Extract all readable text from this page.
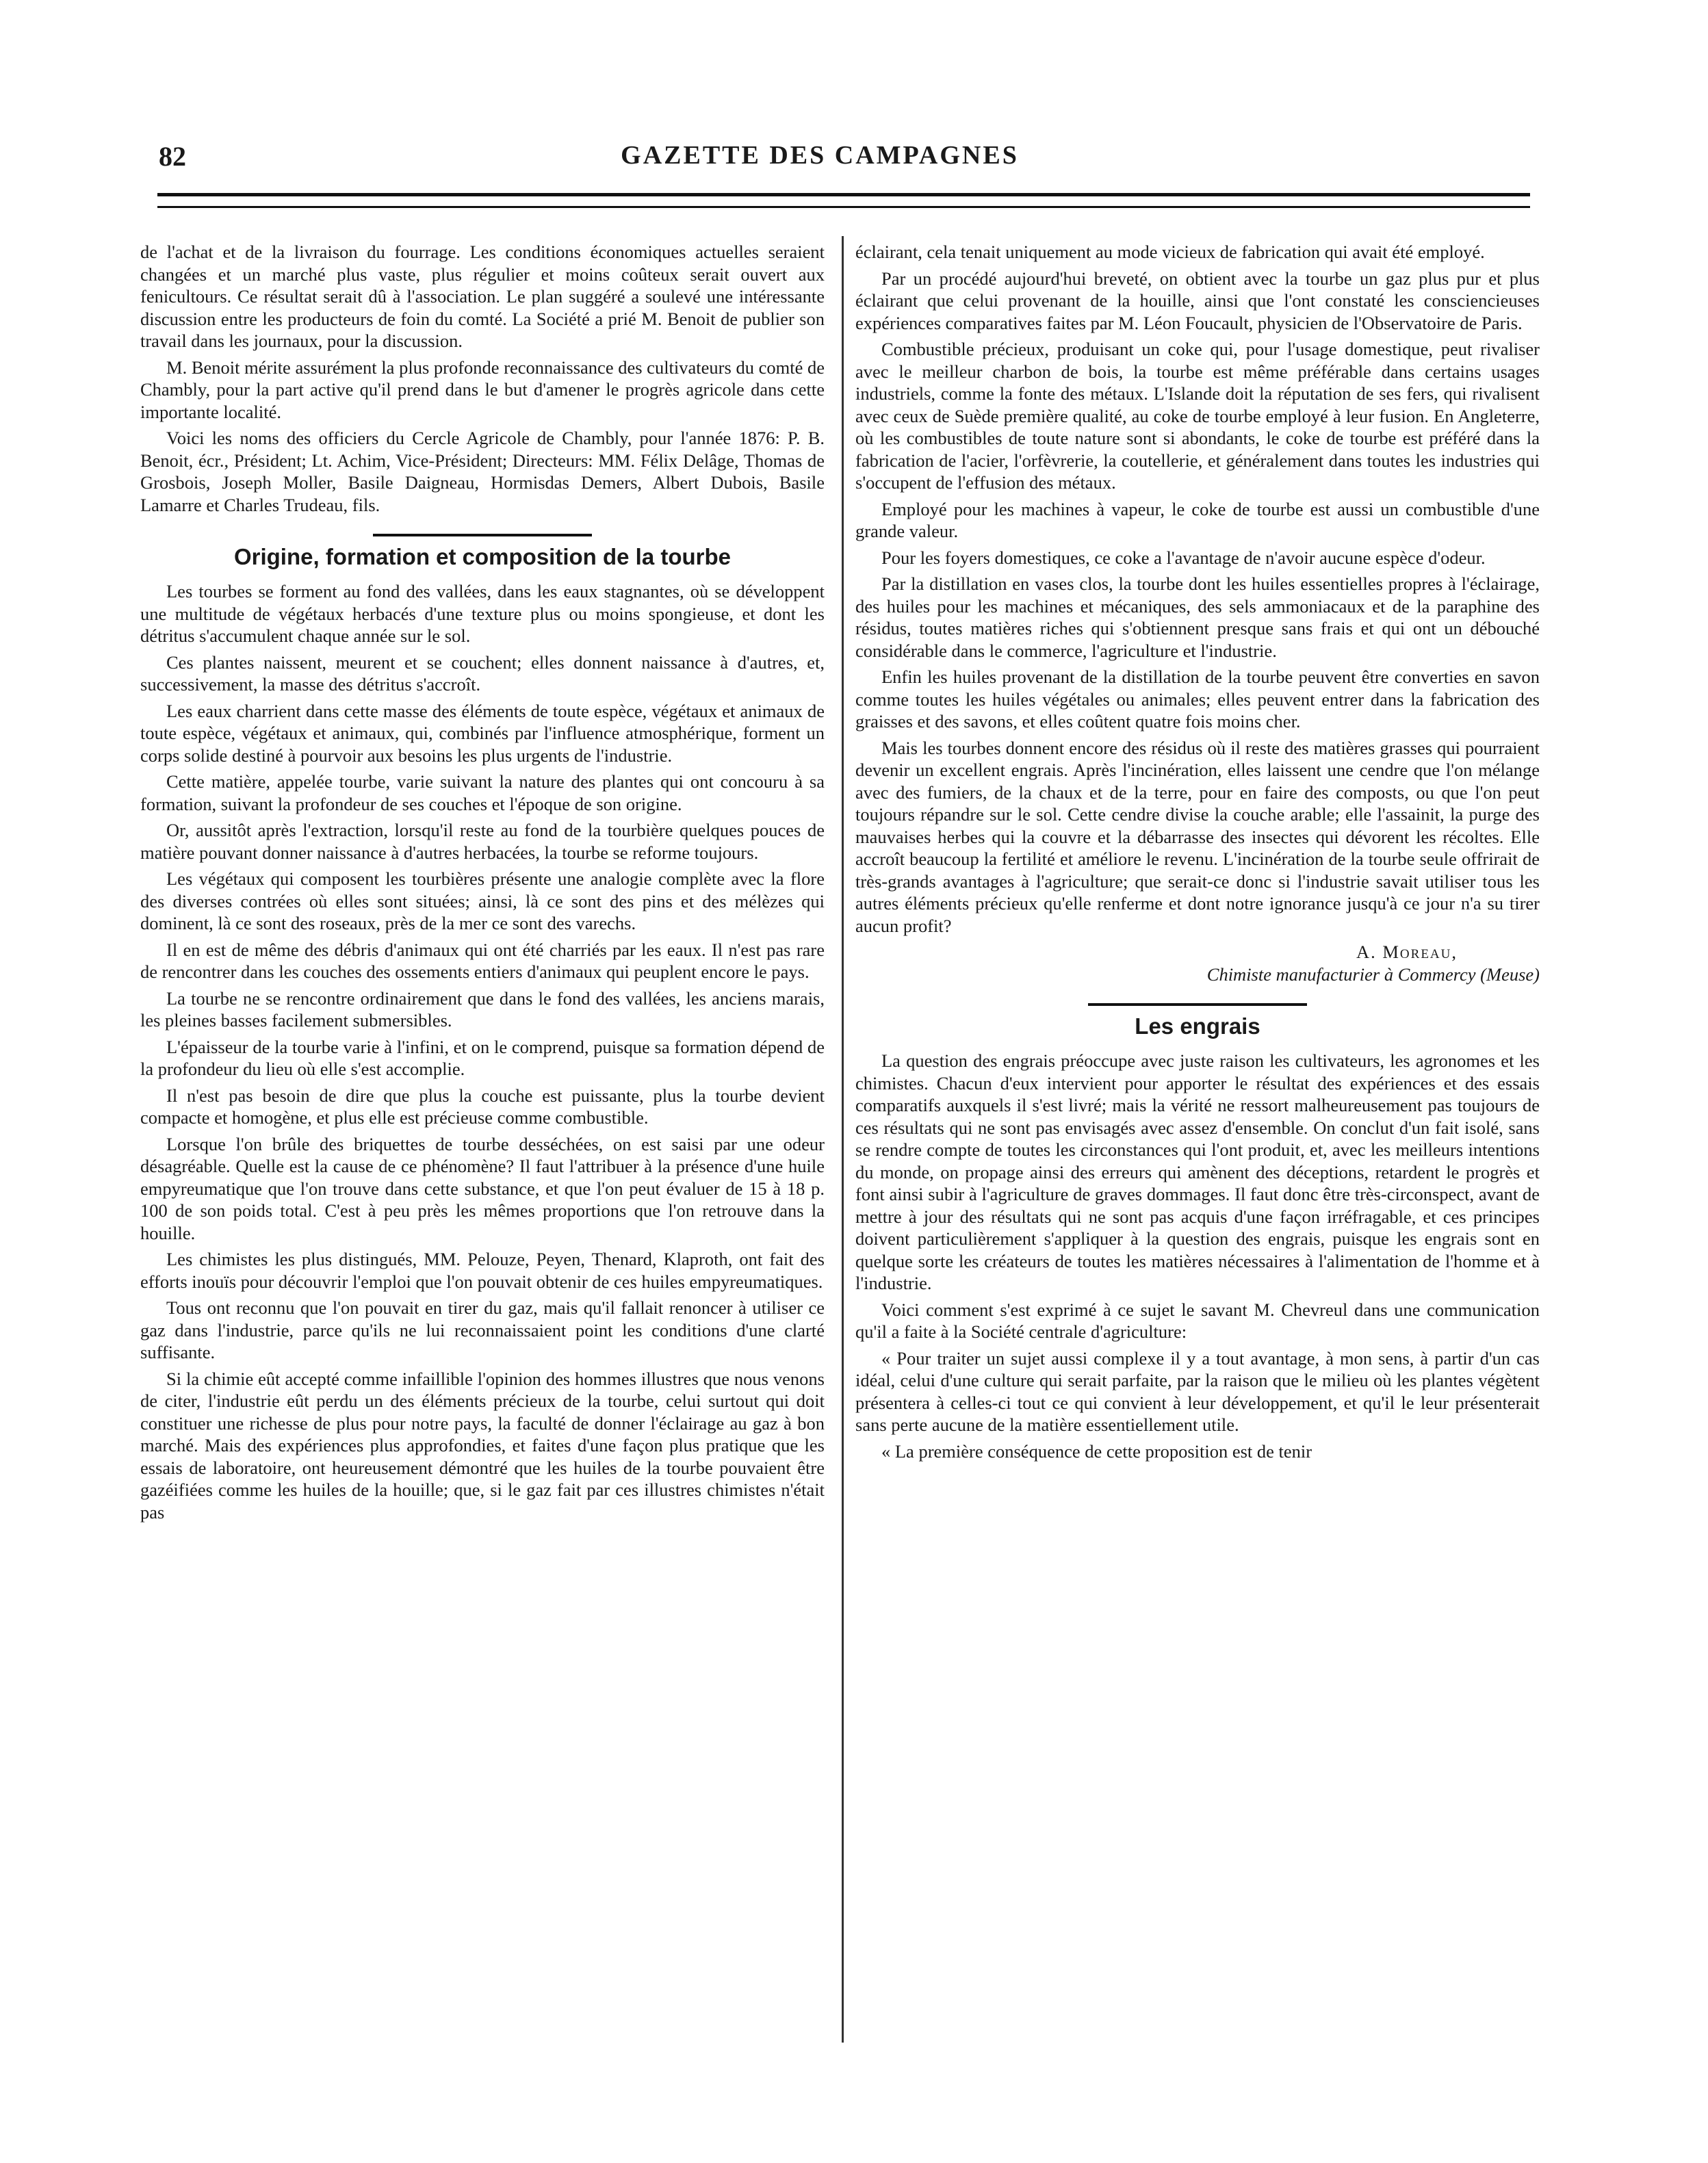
82	GAZETTE DES CAMPAGNES

de l'achat et de la livraison du fourrage. Les conditions économiques actuelles seraient changées et un marché plus vaste, plus régulier et moins coûteux serait ouvert aux fenicultours. Ce résultat serait dû à l'association. Le plan suggéré a soulevé une intéressante discussion entre les producteurs de foin du comté. La Société a prié M. Benoit de publier son travail dans les journaux, pour la discussion.

M. Benoit mérite assurément la plus profonde reconnaissance des cultivateurs du comté de Chambly, pour la part active qu'il prend dans le but d'amener le progrès agricole dans cette importante localité.

Voici les noms des officiers du Cercle Agricole de Chambly, pour l'année 1876: P. B. Benoit, écr., Président; Lt. Achim, Vice-Président; Directeurs: MM. Félix Delâge, Thomas de Grosbois, Joseph Moller, Basile Daigneau, Hormisdas Demers, Albert Dubois, Basile Lamarre et Charles Trudeau, fils.

Origine, formation et composition de la tourbe

Les tourbes se forment au fond des vallées, dans les eaux stagnantes, où se développent une multitude de végétaux herbacés d'une texture plus ou moins spongieuse, et dont les détritus s'accumulent chaque année sur le sol.

Ces plantes naissent, meurent et se couchent; elles donnent naissance à d'autres, et, successivement, la masse des détritus s'accroît.

Les eaux charrient dans cette masse des éléments de toute espèce, végétaux et animaux de toute espèce, végétaux et animaux, qui, combinés par l'influence atmosphérique, forment un corps solide destiné à pourvoir aux besoins les plus urgents de l'industrie.

Cette matière, appelée tourbe, varie suivant la nature des plantes qui ont concouru à sa formation, suivant la profondeur de ses couches et l'époque de son origine.

Or, aussitôt après l'extraction, lorsqu'il reste au fond de la tourbière quelques pouces de matière pouvant donner naissance à d'autres herbacées, la tourbe se reforme toujours.

Les végétaux qui composent les tourbières présente une analogie complète avec la flore des diverses contrées où elles sont situées; ainsi, là ce sont des pins et des mélèzes qui dominent, là ce sont des roseaux, près de la mer ce sont des varechs.

Il en est de même des débris d'animaux qui ont été charriés par les eaux. Il n'est pas rare de rencontrer dans les couches des ossements entiers d'animaux qui peuplent encore le pays.

La tourbe ne se rencontre ordinairement que dans le fond des vallées, les anciens marais, les pleines basses facilement submersibles.

L'épaisseur de la tourbe varie à l'infini, et on le comprend, puisque sa formation dépend de la profondeur du lieu où elle s'est accomplie.

Il n'est pas besoin de dire que plus la couche est puissante, plus la tourbe devient compacte et homogène, et plus elle est précieuse comme combustible.

Lorsque l'on brûle des briquettes de tourbe desséchées, on est saisi par une odeur désagréable. Quelle est la cause de ce phénomène? Il faut l'attribuer à la présence d'une huile empyreumatique que l'on trouve dans cette substance, et que l'on peut évaluer de 15 à 18 p. 100 de son poids total. C'est à peu près les mêmes proportions que l'on retrouve dans la houille.

Les chimistes les plus distingués, MM. Pelouze, Peyen, Thenard, Klaproth, ont fait des efforts inouïs pour découvrir l'emploi que l'on pouvait obtenir de ces huiles empyreumatiques.

Tous ont reconnu que l'on pouvait en tirer du gaz, mais qu'il fallait renoncer à utiliser ce gaz dans l'industrie, parce qu'ils ne lui reconnaissaient point les conditions d'une clarté suffisante.

Si la chimie eût accepté comme infaillible l'opinion des hommes illustres que nous venons de citer, l'industrie eût perdu un des éléments précieux de la tourbe, celui surtout qui doit constituer une richesse de plus pour notre pays, la faculté de donner l'éclairage au gaz à bon marché. Mais des expériences plus approfondies, et faites d'une façon plus pratique que les essais de laboratoire, ont heureusement démontré que les huiles de la tourbe pouvaient être gazéifiées comme les huiles de la houille; que, si le gaz fait par ces illustres chimistes n'était pas

éclairant, cela tenait uniquement au mode vicieux de fabrication qui avait été employé.

Par un procédé aujourd'hui breveté, on obtient avec la tourbe un gaz plus pur et plus éclairant que celui provenant de la houille, ainsi que l'ont constaté les consciencieuses expériences comparatives faites par M. Léon Foucault, physicien de l'Observatoire de Paris.

Combustible précieux, produisant un coke qui, pour l'usage domestique, peut rivaliser avec le meilleur charbon de bois, la tourbe est même préférable dans certains usages industriels, comme la fonte des métaux. L'Islande doit la réputation de ses fers, qui rivalisent avec ceux de Suède première qualité, au coke de tourbe employé à leur fusion. En Angleterre, où les combustibles de toute nature sont si abondants, le coke de tourbe est préféré dans la fabrication de l'acier, l'orfèvrerie, la coutellerie, et généralement dans toutes les industries qui s'occupent de l'effusion des métaux.

Employé pour les machines à vapeur, le coke de tourbe est aussi un combustible d'une grande valeur.

Pour les foyers domestiques, ce coke a l'avantage de n'avoir aucune espèce d'odeur.

Par la distillation en vases clos, la tourbe dont les huiles essentielles propres à l'éclairage, des huiles pour les machines et mécaniques, des sels ammoniacaux et de la paraphine des résidus, toutes matières riches qui s'obtiennent presque sans frais et qui ont un débouché considérable dans le commerce, l'agriculture et l'industrie.

Enfin les huiles provenant de la distillation de la tourbe peuvent être converties en savon comme toutes les huiles végétales ou animales; elles peuvent entrer dans la fabrication des graisses et des savons, et elles coûtent quatre fois moins cher.

Mais les tourbes donnent encore des résidus où il reste des matières grasses qui pourraient devenir un excellent engrais. Après l'incinération, elles laissent une cendre que l'on mélange avec des fumiers, de la chaux et de la terre, pour en faire des composts, ou que l'on peut toujours répandre sur le sol. Cette cendre divise la couche arable; elle l'assainit, la purge des mauvaises herbes qui la couvre et la débarrasse des insectes qui dévorent les récoltes. Elle accroît beaucoup la fertilité et améliore le revenu. L'incinération de la tourbe seule offrirait de très-grands avantages à l'agriculture; que serait-ce donc si l'industrie savait utiliser tous les autres éléments précieux qu'elle renferme et dont notre ignorance jusqu'à ce jour n'a su tirer aucun profit?

A. Moreau,
Chimiste manufacturier à Commercy (Meuse)
Les engrais

La question des engrais préoccupe avec juste raison les cultivateurs, les agronomes et les chimistes. Chacun d'eux intervient pour apporter le résultat des expériences et des essais comparatifs auxquels il s'est livré; mais la vérité ne ressort malheureusement pas toujours de ces résultats qui ne sont pas envisagés avec assez d'ensemble. On conclut d'un fait isolé, sans se rendre compte de toutes les circonstances qui l'ont produit, et, avec les meilleurs intentions du monde, on propage ainsi des erreurs qui amènent des déceptions, retardent le progrès et font ainsi subir à l'agriculture de graves dommages. Il faut donc être très-circonspect, avant de mettre à jour des résultats qui ne sont pas acquis d'une façon irréfragable, et ces principes doivent particulièrement s'appliquer à la question des engrais, puisque les engrais sont en quelque sorte les créateurs de toutes les matières nécessaires à l'alimentation de l'homme et à l'industrie.

Voici comment s'est exprimé à ce sujet le savant M. Chevreul dans une communication qu'il a faite à la Société centrale d'agriculture:

« Pour traiter un sujet aussi complexe il y a tout avantage, à mon sens, à partir d'un cas idéal, celui d'une culture qui serait parfaite, par la raison que le milieu où les plantes végètent présentera à celles-ci tout ce qui convient à leur développement, et qu'il le leur présenterait sans perte aucune de la matière essentiellement utile.

« La première conséquence de cette proposition est de tenir
